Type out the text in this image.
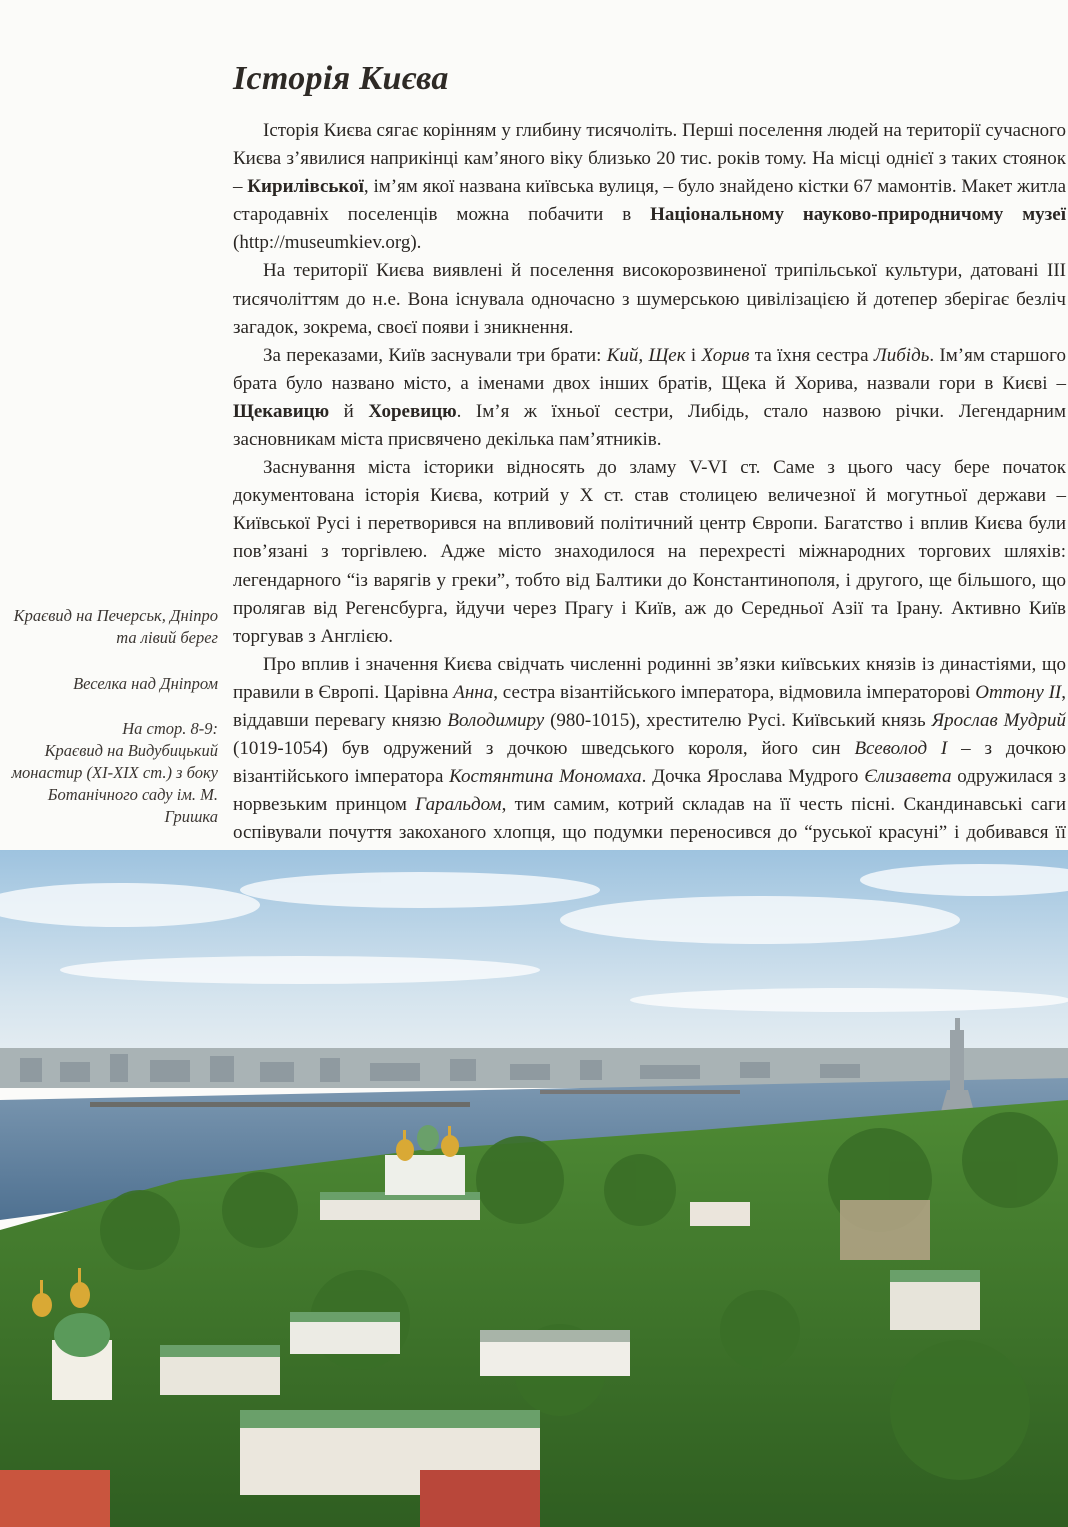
Історія Києва

Історія Києва сягає корінням у глибину тисячоліть. Перші поселення людей на території сучасного Києва з’явилися наприкінці кам’яного віку близько 20 тис. років тому. На місці однієї з таких стоянок – Кирилівської, ім’ям якої названа київська вулиця, – було знайдено кістки 67 мамонтів. Макет житла стародавніх поселенців можна побачити в Національному науково-природничому музеї (http://museumkiev.org).

На території Києва виявлені й поселення високорозвиненої трипільської культури, датовані III тисячоліттям до н.е. Вона існувала одночасно з шумерською цивілізацією й дотепер зберігає безліч загадок, зокрема, своєї появи і зникнення.

За переказами, Київ заснували три брати: Кий, Щек і Хорив та їхня сестра Либідь. Ім’ям старшого брата було названо місто, а іменами двох інших братів, Щека й Хорива, назвали гори в Києві – Щекавицю й Хоревицю. Ім’я ж їхньої сестри, Либідь, стало назвою річки. Легендарним засновникам міста присвячено декілька пам’ятників.

Заснування міста історики відносять до зламу V-VI ст. Саме з цього часу бере початок документована історія Києва, котрий у Х ст. став столицею величезної й могутньої держави – Київської Русі і перетворився на впливовий політичний центр Європи. Багатство і вплив Києва були пов’язані з торгівлею. Адже місто знаходилося на перехресті міжнародних торгових шляхів: легендарного “із варягів у греки”, тобто від Балтики до Константинополя, і другого, ще більшого, що пролягав від Регенсбурга, йдучи через Прагу і Київ, аж до Середньої Азії та Ірану. Активно Київ торгував з Англією.

Про вплив і значення Києва свідчать численні родинні зв’язки київських князів із династіями, що правили в Європі. Царівна Анна, сестра візантійського імператора, відмовила імператорові Оттону II, віддавши перевагу князю Володимиру (980-1015), хрестителю Русі. Київський князь Ярослав Мудрий (1019-1054) був одружений з дочкою шведського короля, його син Всеволод I – з дочкою візантійського імператора Костянтина Мономаха. Дочка Ярослава Мудрого Єлизавета одружилася з норвезьким принцом Гаральдом, тим самим, котрий складав на її честь пісні. Скандинавські саги оспівували почуття закоханого хлопця, що подумки переносився до “руської красуні” і добивався її

Краєвид на Печерськ, Дніпро та лівий берег
Веселка над Дніпром
На стор. 8-9:
Краєвид на Видубицький монастир (XI-XIX ст.) з боку Ботанічного саду ім. М. Гришка
